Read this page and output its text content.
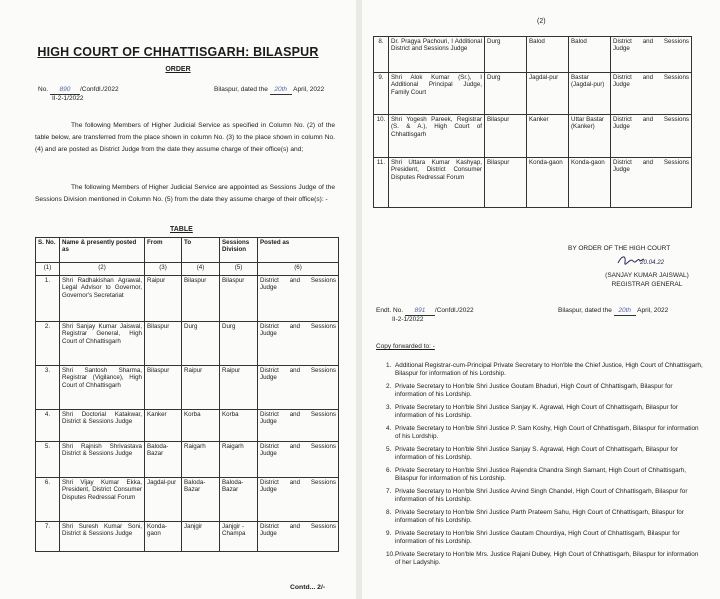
HIGH COURT OF CHHATTISGARH: BILASPUR
ORDER
No. 890 /Confdl./2022
II-2-1/2022
Bilaspur, dated the 20th April, 2022
The following Members of Higher Judicial Service as specified in Column No. (2) of the table below, are transferred from the place shown in column No. (3) to the place shown in column No. (4) and are posted as District Judge from the date they assume charge of their office(s) and;
The following Members of Higher Judicial Service are appointed as Sessions Judge of the Sessions Division mentioned in Column No. (5) from the date they assume charge of their office(s): -
TABLE
S. No.	Name & presently posted as	From	To	Sessions Division	Posted as
(1)	(2)	(3)	(4)	(5)	(6)
1.	Shri Radhakishan Agrawal, Legal Advisor to Governor, Governor's Secretariat	Raipur	Bilaspur	Bilaspur	District and Sessions Judge
2.	Shri Sanjay Kumar Jaiswal, Registrar General, High Court of Chhattisgarh	Bilaspur	Durg	Durg	District and Sessions Judge
3.	Shri Santosh Sharma, Registrar (Vigilance), High Court of Chhattisgarh	Bilaspur	Raipur	Raipur	District and Sessions Judge
4.	Shri Doctorial Katakwar, District & Sessions Judge	Kanker	Korba	Korba	District and Sessions Judge
5.	Shri Rajnish Shrivastava District & Sessions Judge	Baloda-Bazar	Raigarh	Raigarh	District and Sessions Judge
6.	Shri Vijay Kumar Ekka, President, District Consumer Disputes Redressal Forum	Jagdal-pur	Baloda-Bazar	Baloda-Bazar	District and Sessions Judge
7.	Shri Suresh Kumar Soni, District & Sessions Judge	Konda-gaon	Janjgir	Janjgir - Champa	District and Sessions Judge
Contd... 2/-
(2)
8.	Dr. Pragya Pachouri, I Additional District and Sessions Judge	Durg	Balod	Balod	District and Sessions Judge
9.	Shri Alok Kumar (Sr.), I Additional Principal Judge, Family Court	Durg	Jagdal-pur	Bastar (Jagdal-pur)	District and Sessions Judge
10.	Shri Yogesh Pareek, Registrar (S. & A.), High Court of Chhattisgarh	Bilaspur	Kanker	Uttar Bastar (Kanker)	District and Sessions Judge
11.	Shri Uttara Kumar Kashyap, President, District Consumer Disputes Redressal Forum	Bilaspur	Konda-gaon	Konda-gaon	District and Sessions Judge
BY ORDER OF THE HIGH COURT
20.04.22
(SANJAY KUMAR JAISWAL)
REGISTRAR GENERAL
Endt. No. 891 /Confdl./2022
II-2-1/2022
Bilaspur, dated the 20th April, 2022
Copy forwarded to: -
1. Additional Registrar-cum-Principal Private Secretary to Hon'ble the Chief Justice, High Court of Chhattisgarh, Bilaspur for information of his Lordship.
2. Private Secretary to Hon'ble Shri Justice Goutam Bhaduri, High Court of Chhattisgarh, Bilaspur for information of his Lordship.
3. Private Secretary to Hon'ble Shri Justice Sanjay K. Agrawal, High Court of Chhattisgarh, Bilaspur for information of his Lordship.
4. Private Secretary to Hon'ble Shri Justice P. Sam Koshy, High Court of Chhattisgarh, Bilaspur for information of his Lordship.
5. Private Secretary to Hon'ble Shri Justice Sanjay S. Agrawal, High Court of Chhattisgarh, Bilaspur for information of his Lordship.
6. Private Secretary to Hon'ble Shri Justice Rajendra Chandra Singh Samant, High Court of Chhattisgarh, Bilaspur for information of his Lordship.
7. Private Secretary to Hon'ble Shri Justice Arvind Singh Chandel, High Court of Chhattisgarh, Bilaspur for information of his Lordship.
8. Private Secretary to Hon'ble Shri Justice Parth Prateem Sahu, High Court of Chhattisgarh, Bilaspur for information of his Lordship.
9. Private Secretary to Hon'ble Shri Justice Gautam Chourdiya, High Court of Chhattisgarh, Bilaspur for information of his Lordship.
10. Private Secretary to Hon'ble Mrs. Justice Rajani Dubey, High Court of Chhattisgarh, Bilaspur for information of her Ladyship.
